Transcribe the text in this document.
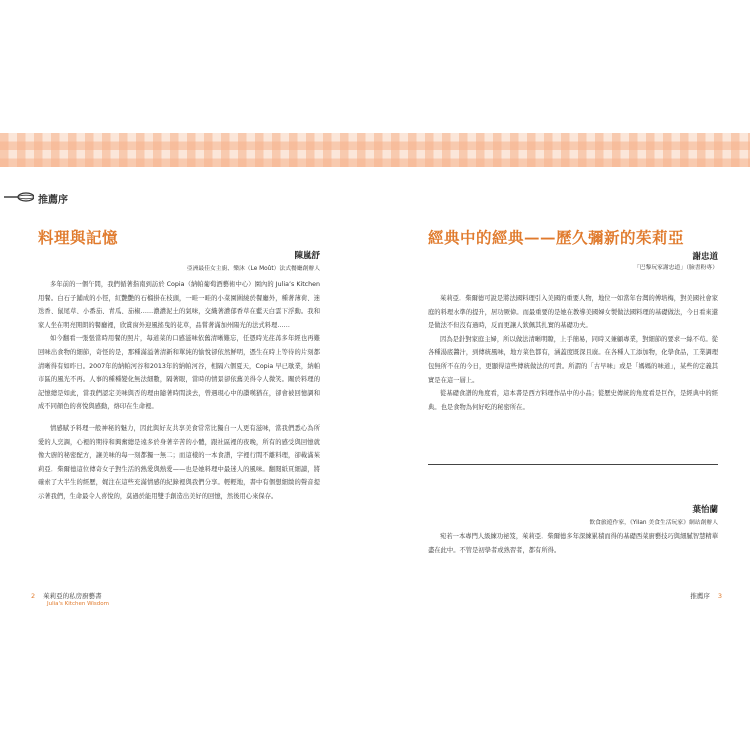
推薦序
料理與記憶
陳嵐舒
亞洲最佳女主廚、樂沐（Le Moût）法式餐廳創辦人

多年前的一個午間，我們循著指南到訪於 Copia（納帕葡萄酒藝術中心）園內的 Julia’s Kitchen 用餐。白石子鋪成的小徑，紅艷艷的石榴掛在枝頭，一畦一畦的小菜園圍繞於餐廳外，種著薄荷、迷迭香、鼠尾草、小番茄、青瓜、茄椒……濃濃泥土的氣味，交織著濃郁香草在藍天白雲下浮動。我和家人坐在明亮開朗的餐廳裡，欣賞窗外迎風搖曳的花草，品嘗著滿加州陽光的法式料理……

如今翻看一張張當時用餐的照片，每道菜的口感滋味依舊清晰難忘，任憑時光荏苒多年經也再難回味出食物的細節，奇怪的是，那種滿溢著清新和單純的愉悅卻依然鮮明，憑生在時上等待的片刻都清晰得有如昨日。2007年的納帕河谷和2013年的納帕河谷，相隔六個夏天，Copia 早已歇業，納帕市區的風光不再。人事的種種變化無法細數，隔著眼，當時的情景卻依舊美得令人微笑。關於料理的記憶總是如此，當我們認定美味與否的理由隨著時間淡去，曾遇現心中的讚嘆猶在，卻會被回憶調和成不同顏色的喜悅與感動，烙印在生命裡。

情感賦予料理一般神秘的魅力，因此與好友共享美食常常比獨自一人更有滋味，當我們悉心為所愛的人烹調，心裡的期待和興奮總是遠多於身著辛苦的小體，跟社區裡的夜晚，所有的感受與回憶就像大廚的秘密配方，讓美味的每一刻都獨一無二；而這樣的一本食譜，字裡行間不離料理，卻載滿茱莉亞．柴爾德這位傳奇女子對生活的熱愛與熱愛——也是她料理中最迷人的風味。翻閱紙頁細讀，將確索了大半生的經歷，娓注在這些充滿情感的紀錄裡與我們分享。輕輕地，書中有個想細緻的聲音提示著我們，生命最令人喜悅的，莫過於能用雙手創造出美好的回憶，然後用心來保存。

經典中的經典——歷久彌新的茱莉亞
謝忠道
「巴黎玩家謝忠道」（臉書粉專）

茱莉亞．柴爾德可說是將法國料理引入美國的重要人物，地位一如當年台灣的傅培梅，對美國社會家庭的料理水準的提升，居功厥偉。而最重要的是她在教導美國婦女製做法國料理的基礎做法，今日看來還是做法不但沒有過時，反而更讓人欽佩其扎實的基礎功夫。

因為是針對家庭主婦，所以做法清晰明瞭，上手簡易，同時又兼顧專業，對細節的要求一絲不苟。從各種湯底醬汁，到傳統風味，地方菜色都有，涵蓋度既深且廣。在各種人工添加物，化學食品，工業調理包無所不在的今日，更顯得這些傳統做法的可貴。所謂的「古早味」或是「媽媽的味道」，某些的定義其實是在這一層上。

從基礎食譜的角度看，這本書是西方料理作品中的小品；從歷史傳統的角度看是巨作，是經典中的經典。也是食物為何好吃的秘密所在。

葉怡蘭
飲食旅遊作家，《Yilan 美食生活玩家》網站創辦人

宛若一本專門人級練功祕笈，茱莉亞．柴爾德多年深練累積而得的基礎西菜廚藝技巧與細膩智慧精華盡在此中。不管是初學者或熟習者，都有所得。

2 茱莉亞的私房廚藝書
Julia's Kitchen Wisdom
推薦序 3
